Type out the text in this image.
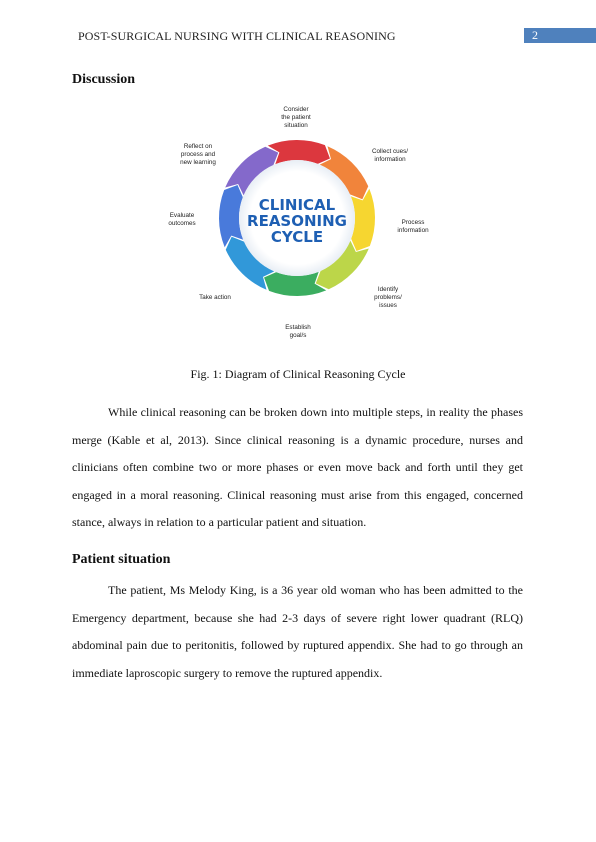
POST-SURGICAL NURSING WITH CLINICAL REASONING	2
Discussion
CLINICAL
REASONING
CYCLE
Consider
the patient
situation
Collect cues/
information
Process
information
Identify
problems/
issues
Establish
goal/s
Take action
Evaluate
outcomes
Reflect on
process and
new learning
Fig. 1: Diagram of Clinical Reasoning Cycle

While clinical reasoning can be broken down into multiple steps, in reality the phases merge (Kable et al, 2013). Since clinical reasoning is a dynamic procedure, nurses and clinicians often combine two or more phases or even move back and forth until they get engaged in a moral reasoning. Clinical reasoning must arise from this engaged, concerned stance, always in relation to a particular patient and situation.

Patient situation

The patient, Ms Melody King, is a 36 year old woman who has been admitted to the Emergency department, because she had 2-3 days of severe right lower quadrant (RLQ) abdominal pain due to peritonitis, followed by ruptured appendix. She had to go through an immediate laproscopic surgery to remove the ruptured appendix.
